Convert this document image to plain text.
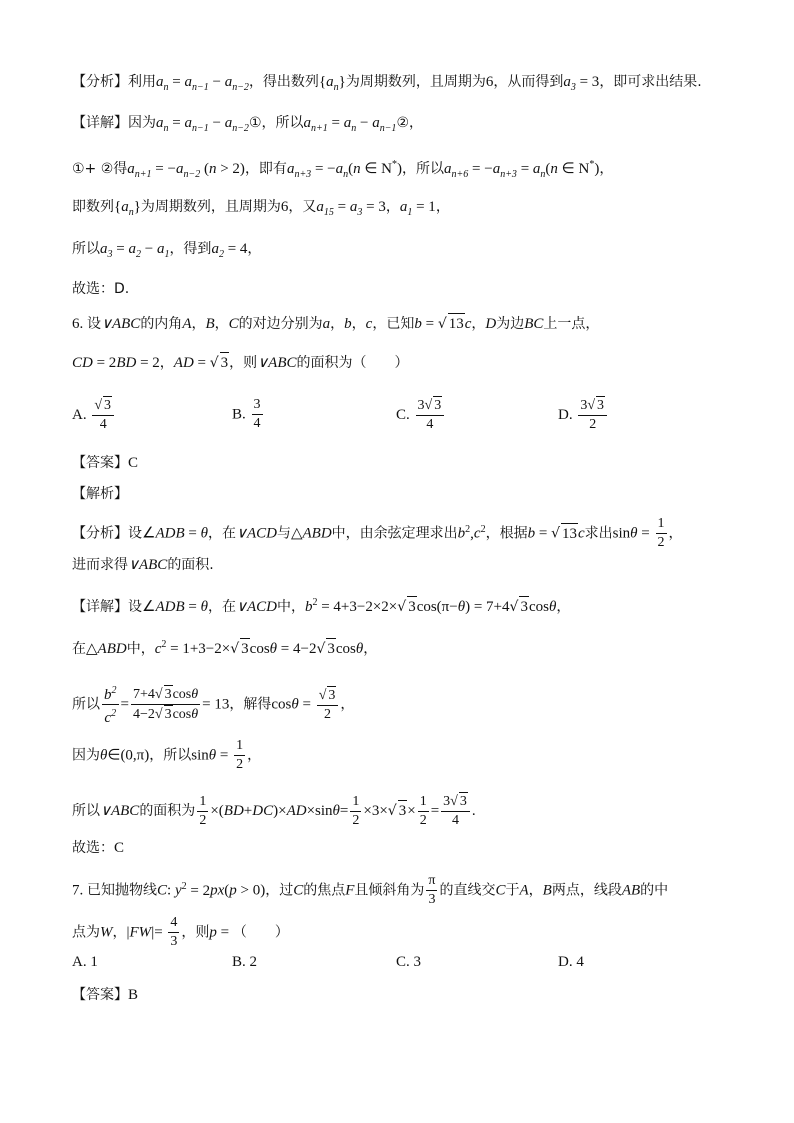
【分析】利用$a_n = a_{n-1} - a_{n-2}$，得出数列$\{a_n\}$为周期数列，且周期为6，从而得到$a_3 = 3$，即可求出结果.
【详解】因为$a_n = a_{n-1}$ − $a_{n-2}①$，所以$a_{n+1} = a_n$ − $a_{n-1}②$，
①+ ②得$a_{n+1} = -a_{n-2}$ (n > 2)，即有$a_{n+3} = -a_n(n$ ∈ N*)，所以$a_{n+6} = -a_{n+3} = a_n(n$ ∈ N*)，
即数列$\{a_n\}$为周期数列，且周期为6，又$a_{15} = a_3 = 3$，$a_1 = 1$，
所以$a_3 = a_2 - a_1$，得到$a_2 = 4$，
故选：D.
6. 设∨ABC的内角A，B，C的对边分别为a，b，c，已知b = √ 13c，D为边BC上一点，
CD = 2BD = 2，AD = √ 3，则∨ABC的面积为（　　）
A. $\frac{√ 3}{4}$	B. $\frac{3}{4}$	C. $\frac{3√ 3}{4}$	D. $\frac{3√ 3}{2}$
【答案】C
【解析】
【分析】设∠ADB = θ，在∨ACD与△ABD中，由余弦定理求出$b^2,c^2$，根据b = √ 13c求出$\sin\theta = \frac{1}{2}$ ，
进而求得∨ABC的面积.
【详解】设∠ADB = θ，在∨ACD中，$b^2 = 4+3-2\times 2\times√$ 3cos(π−θ) = 7+4√ 3cosθ，
在△ABD中，$c^2 = 1+3-2\times√$ 3cosθ = 4−2√ 3cosθ，
所以 $\frac{b^2}{c^2} = \frac{7+4√ 3\cos\theta}{4-2√ 3\cos\theta} = 13$，解得$\cos\theta = \frac{√ 3}{2}$ ，
因为θ∈(0,π)，所以$\sin\theta = \frac{1}{2}$ ，
所以∨ABC的面积为 $\frac{1}{2} \times(BD+DC)\times AD\times\sin\theta= \frac{1}{2} \times 3\times√$ $3\times \frac{1}{2} = \frac{3√ 3}{4}$ .
故选：C
7. 已知抛物线C: $y^2 = 2px(p > 0)$，过C的焦点F且倾斜角为 $\frac{\pi}{3}$ 的直线交C于A，B两点，线段AB的中
点为W，$|FW|= \frac{4}{3}$ ，则p = （　　）
A. 1	B. 2	C. 3	D. 4
【答案】B
